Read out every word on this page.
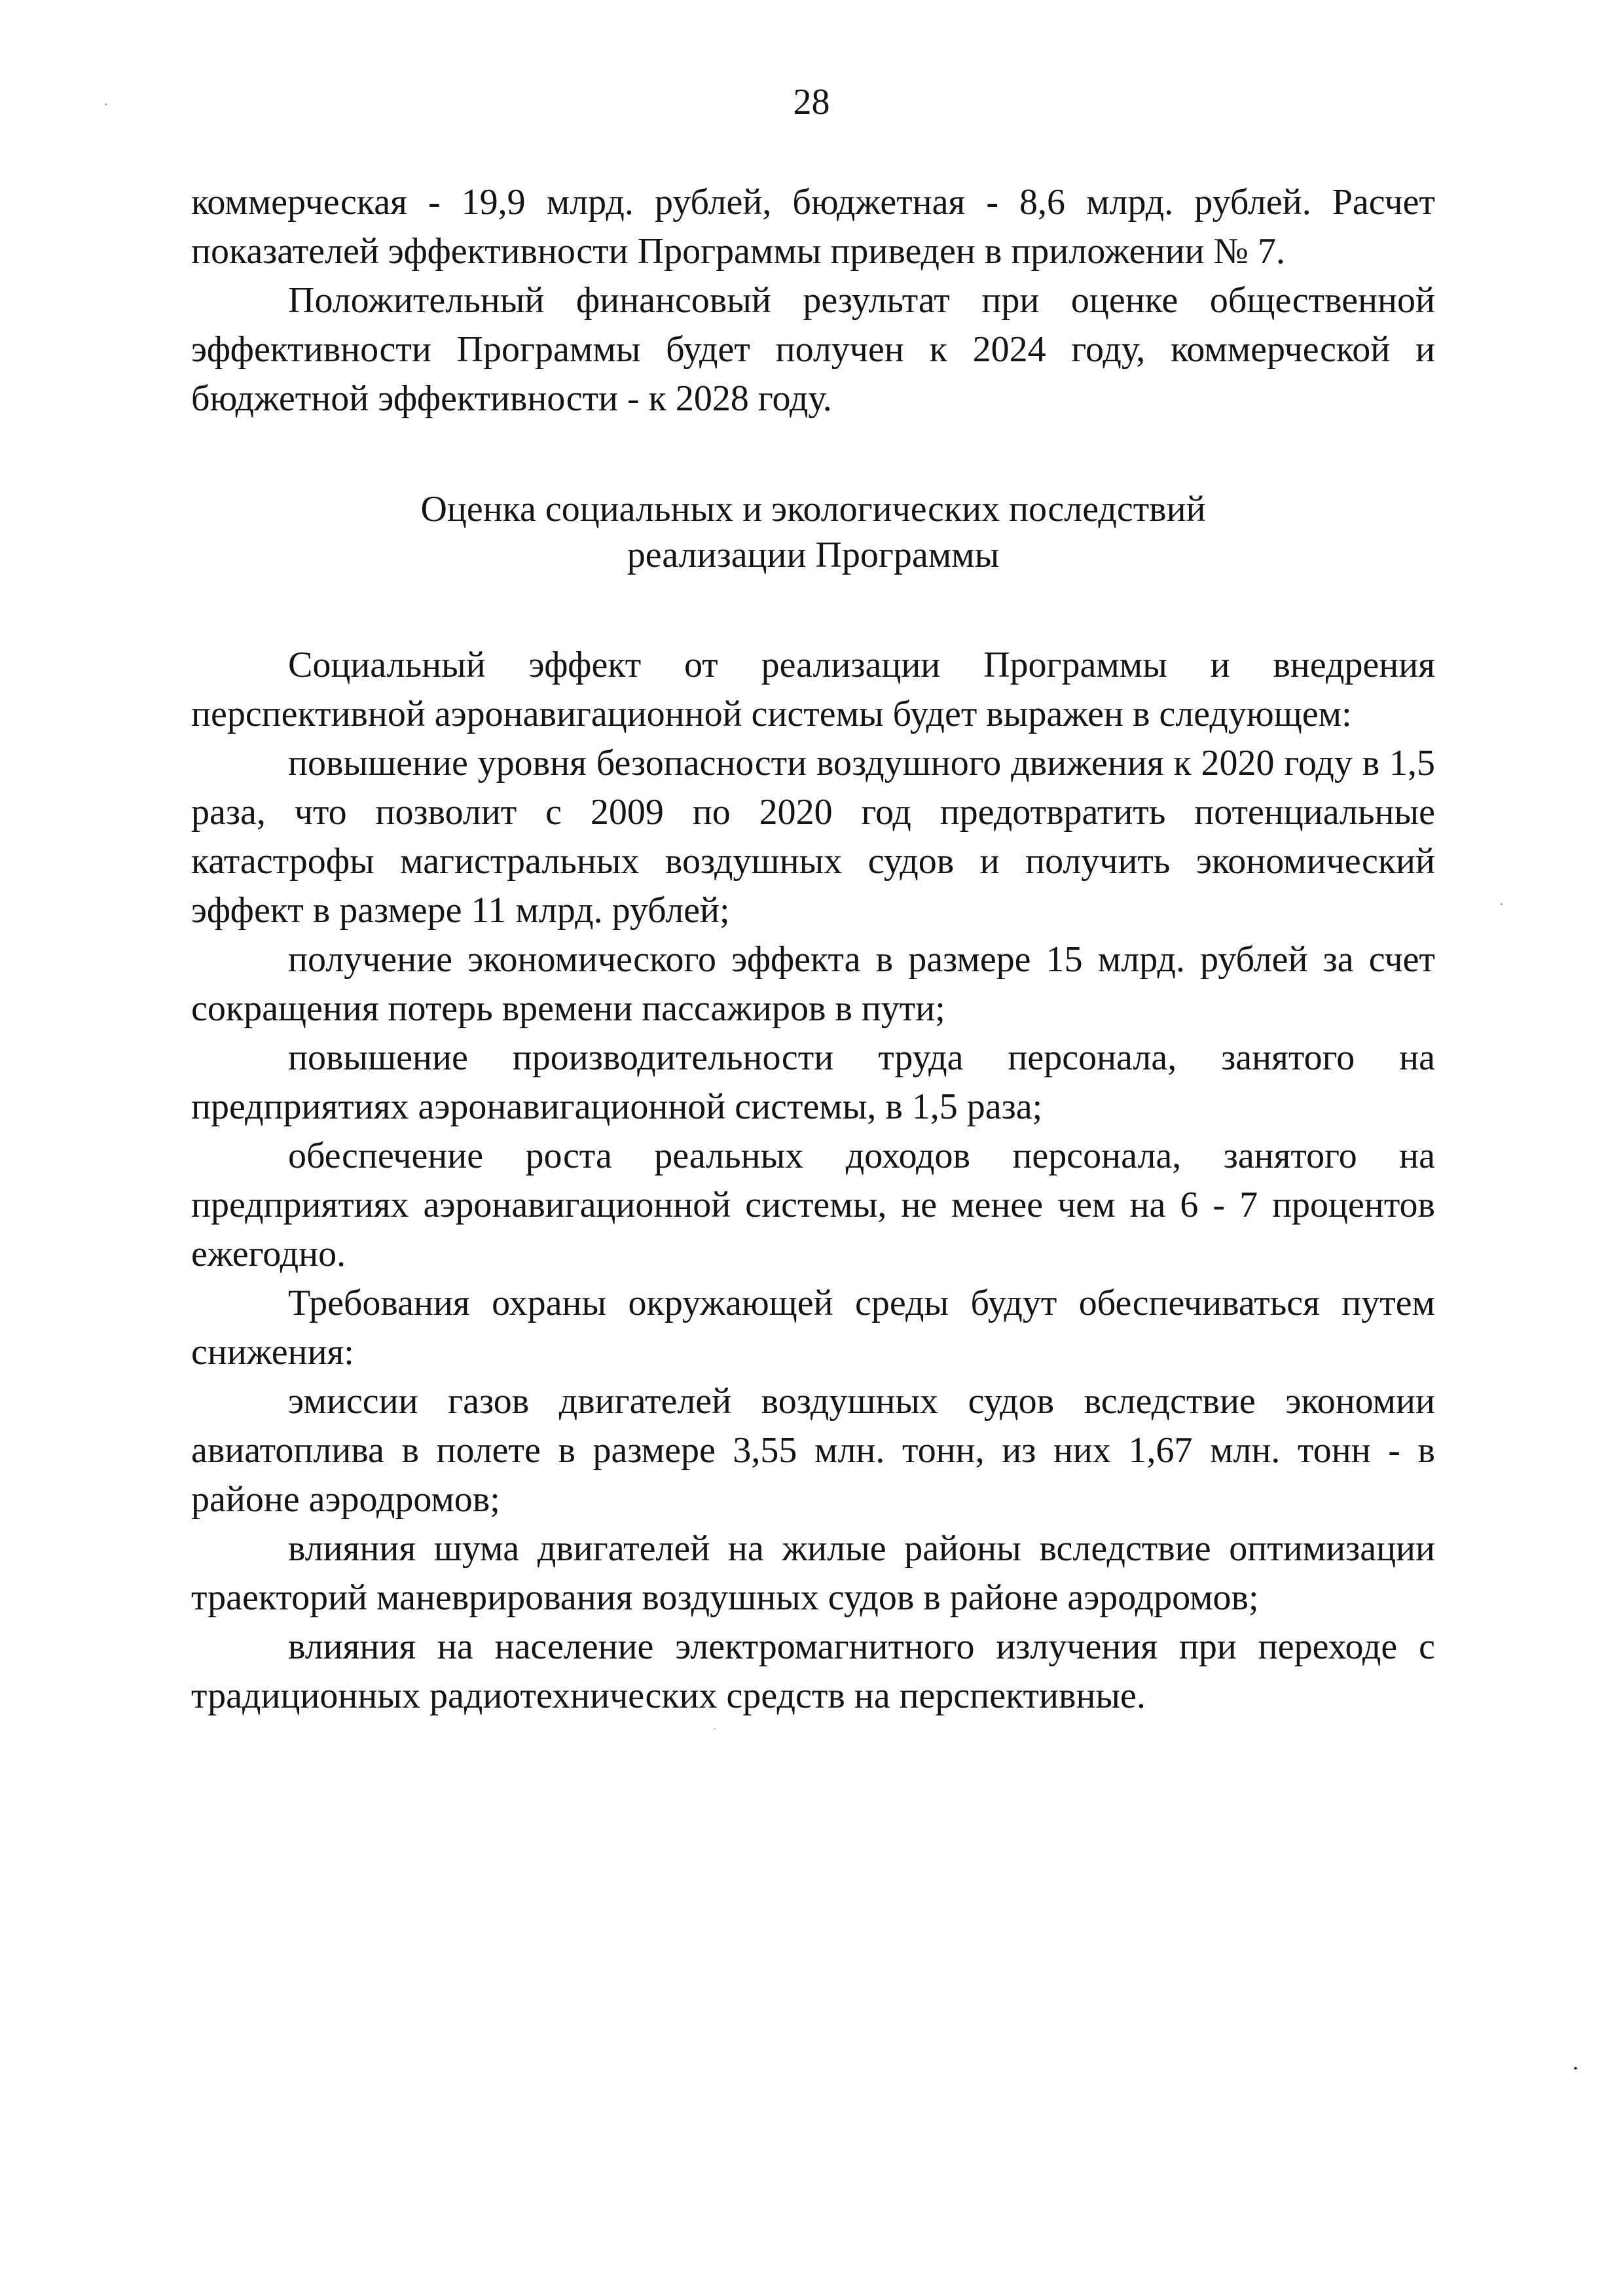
28

коммерческая - 19,9 млрд. рублей, бюджетная - 8,6 млрд. рублей. Расчет показателей эффективности Программы приведен в приложении № 7.

Положительный финансовый результат при оценке общественной эффективности Программы будет получен к 2024 году, коммерческой и бюджетной эффективности - к 2028 году.

Оценка социальных и экологических последствий
реализации Программы

Социальный эффект от реализации Программы и внедрения перспективной аэронавигационной системы будет выражен в следующем:

повышение уровня безопасности воздушного движения к 2020 году в 1,5 раза, что позволит с 2009 по 2020 год предотвратить потенциальные катастрофы магистральных воздушных судов и получить экономический эффект в размере 11 млрд. рублей;

получение экономического эффекта в размере 15 млрд. рублей за счет сокращения потерь времени пассажиров в пути;

повышение производительности труда персонала, занятого на предприятиях аэронавигационной системы, в 1,5 раза;

обеспечение роста реальных доходов персонала, занятого на предприятиях аэронавигационной системы, не менее чем на 6 - 7 процентов ежегодно.

Требования охраны окружающей среды будут обеспечиваться путем снижения:

эмиссии газов двигателей воздушных судов вследствие экономии авиатоплива в полете в размере 3,55 млн. тонн, из них 1,67 млн. тонн - в районе аэродромов;

влияния шума двигателей на жилые районы вследствие оптимизации траекторий маневрирования воздушных судов в районе аэродромов;

влияния на население электромагнитного излучения при переходе с традиционных радиотехнических средств на перспективные.
